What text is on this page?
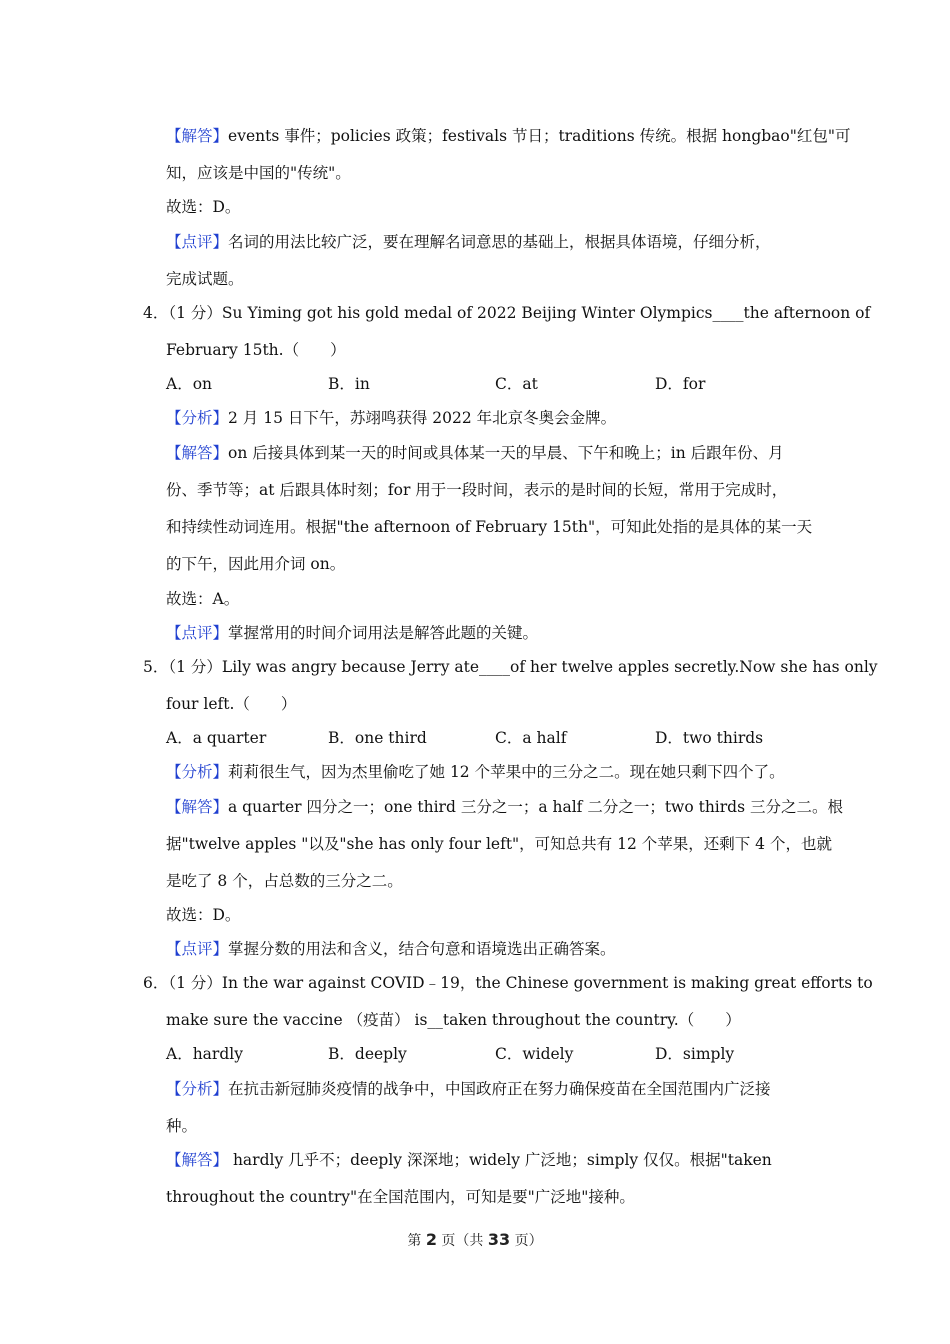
【解答】events 事件；policies 政策；festivals 节日；traditions 传统。根据 hongbao"红包"可
知，应该是中国的"传统"。
故选：D。
【点评】名词的用法比较广泛，要在理解名词意思的基础上，根据具体语境，仔细分析，
完成试题。
4．（1 分）Su Yiming got his gold medal of 2022 Beijing Winter Olympics____the afternoon of
February 15th.（　　）
A．on	B．in	C．at	D．for
【分析】2 月 15 日下午，苏翊鸣获得 2022 年北京冬奥会金牌。
【解答】on 后接具体到某一天的时间或具体某一天的早晨、下午和晚上；in 后跟年份、月
份、季节等；at 后跟具体时刻；for 用于一段时间，表示的是时间的长短，常用于完成时，
和持续性动词连用。根据"the afternoon of February 15th"，可知此处指的是具体的某一天
的下午，因此用介词 on。
故选：A。
【点评】掌握常用的时间介词用法是解答此题的关键。
5．（1 分）Lily was angry because Jerry ate____of her twelve apples secretly.Now she has only
four left.（　　）
A．a quarter	B．one third	C．a half	D．two thirds
【分析】莉莉很生气，因为杰里偷吃了她 12 个苹果中的三分之二。现在她只剩下四个了。
【解答】a quarter 四分之一；one third 三分之一；a half 二分之一；two thirds 三分之二。根
据"twelve apples "以及"she has only four left"，可知总共有 12 个苹果，还剩下 4 个，也就
是吃了 8 个，占总数的三分之二。
故选：D。
【点评】掌握分数的用法和含义，结合句意和语境选出正确答案。
6．（1 分）In the war against COVID﹣19，the Chinese government is making great efforts to
make sure the vaccine （疫苗） is__taken throughout the country.（　　）
A．hardly	B．deeply	C．widely	D．simply
【分析】在抗击新冠肺炎疫情的战争中，中国政府正在努力确保疫苗在全国范围内广泛接
种。
【解答】 hardly 几乎不；deeply 深深地；widely 广泛地；simply 仅仅。根据"taken
throughout the country"在全国范围内，可知是要"广泛地"接种。
第 2 页（共 33 页）
